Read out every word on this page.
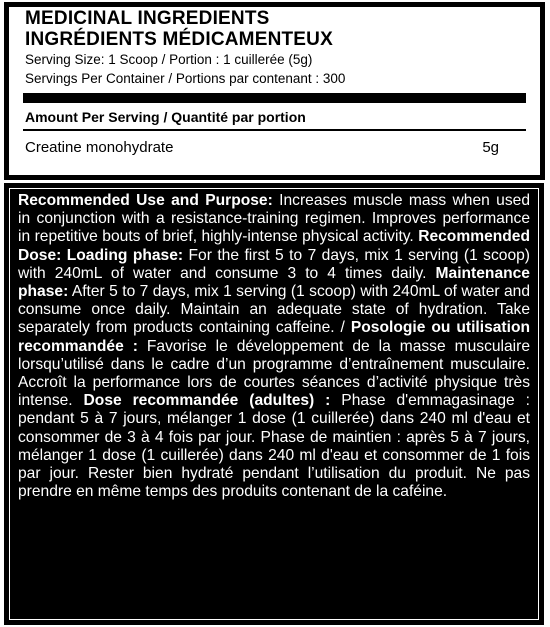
MEDICINAL INGREDIENTS
INGRÉDIENTS MÉDICAMENTEUX
Serving Size: 1 Scoop / Portion : 1 cuillerée (5g)
Servings Per Container / Portions par contenant : 300
Amount Per Serving / Quantité par portion
Creatine monohydrate	5g
Recommended Use and Purpose: Increases muscle mass when used in conjunction with a resistance-training regimen. Improves performance in repetitive bouts of brief, highly-intense physical activity. Recommended Dose: Loading phase: For the first 5 to 7 days, mix 1 serving (1 scoop) with 240mL of water and consume 3 to 4 times daily. Maintenance phase: After 5 to 7 days, mix 1 serving (1 scoop) with 240mL of water and consume once daily. Maintain an adequate state of hydration. Take separately from products containing caffeine. / Posologie ou utilisation recommandée : Favorise le développement de la masse musculaire lorsqu’utilisé dans le cadre d’un programme d’entraînement musculaire. Accroît la performance lors de courtes séances d’activité physique très intense. Dose recommandée (adultes) : Phase d'emmagasinage : pendant 5 à 7 jours, mélanger 1 dose (1 cuillerée) dans 240 ml d'eau et consommer de 3 à 4 fois par jour. Phase de maintien : après 5 à 7 jours, mélanger 1 dose (1 cuillerée) dans 240 ml d'eau et consommer de 1 fois par jour. Rester bien hydraté pendant l’utilisation du produit. Ne pas prendre en même temps des produits contenant de la caféine.
